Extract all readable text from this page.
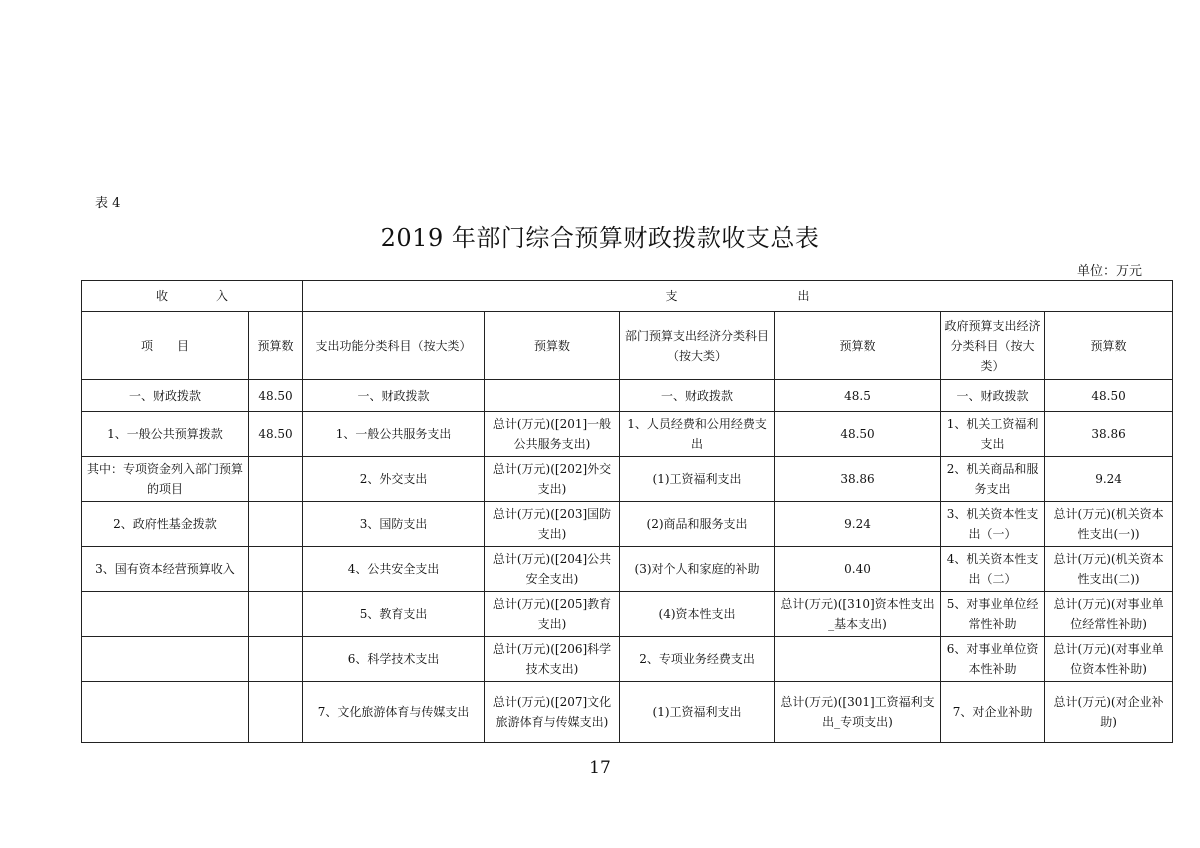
表 4
2019 年部门综合预算财政拨款收支总表
单位：万元
收　　　　入		支　　　　　　　　　　出					
项　　目	预算数	支出功能分类科目（按大类）	预算数	部门预算支出经济分类科目（按大类）	预算数	政府预算支出经济分类科目（按大类）	预算数
一、财政拨款	48.50	一、财政拨款		一、财政拨款	48.5	一、财政拨款	48.50
1、一般公共预算拨款	48.50	1、一般公共服务支出	总计(万元)([201]一般公共服务支出)	1、人员经费和公用经费支出	48.50	1、机关工资福利支出	38.86
其中：专项资金列入部门预算的项目		2、外交支出	总计(万元)([202]外交支出)	(1)工资福利支出	38.86	2、机关商品和服务支出	9.24
2、政府性基金拨款		3、国防支出	总计(万元)([203]国防支出)	(2)商品和服务支出	9.24	3、机关资本性支出（一）	总计(万元)(机关资本性支出(一))
3、国有资本经营预算收入		4、公共安全支出	总计(万元)([204]公共安全支出)	(3)对个人和家庭的补助	0.40	4、机关资本性支出（二）	总计(万元)(机关资本性支出(二))
		5、教育支出	总计(万元)([205]教育支出)	(4)资本性支出	总计(万元)([310]资本性支出_基本支出)	5、对事业单位经常性补助	总计(万元)(对事业单位经常性补助)
		6、科学技术支出	总计(万元)([206]科学技术支出)	2、专项业务经费支出		6、对事业单位资本性补助	总计(万元)(对事业单位资本性补助)
		7、文化旅游体育与传媒支出	总计(万元)([207]文化旅游体育与传媒支出)	(1)工资福利支出	总计(万元)([301]工资福利支出_专项支出)	7、对企业补助	总计(万元)(对企业补助)
17
